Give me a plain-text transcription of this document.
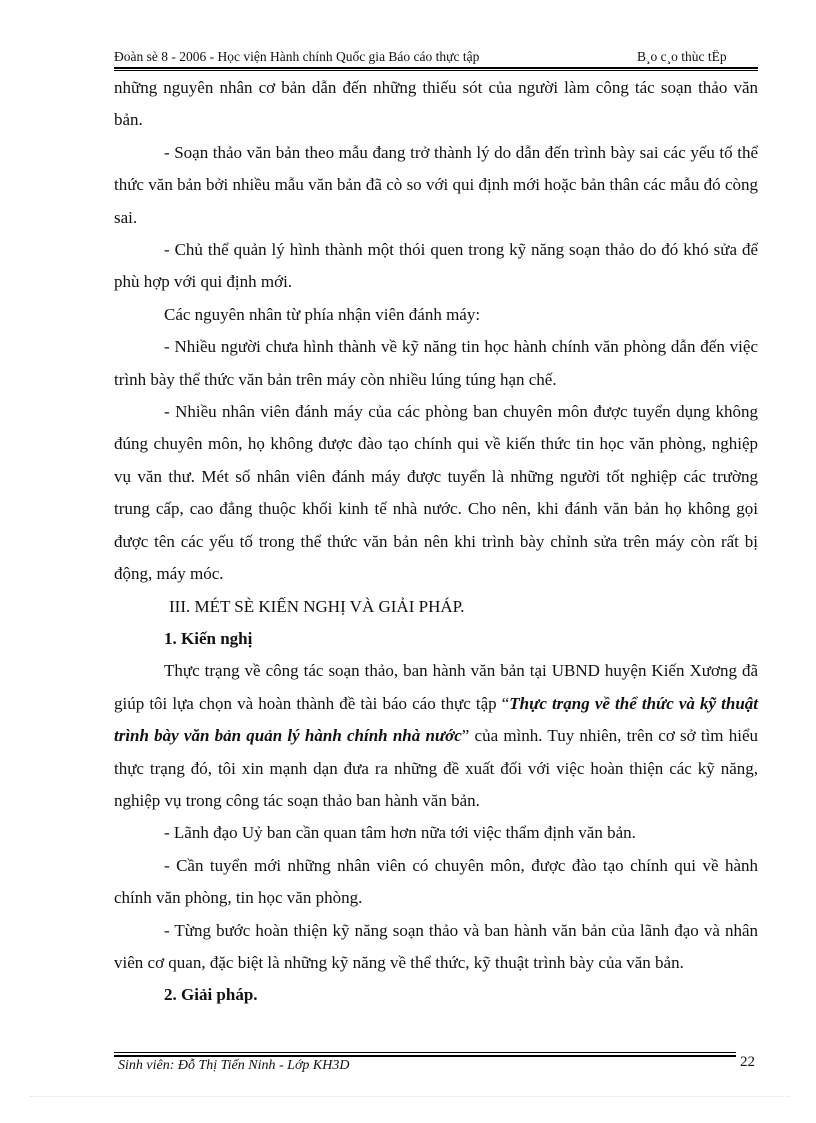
Đoàn sè 8 - 2006 - Học viện Hành chính Quốc gia Báo cáo thực tập	B¸o c¸o thùc tËp

những nguyên nhân cơ bản dẫn đến những thiếu sót của người làm công tác soạn thảo văn bản.

- Soạn thảo văn bản theo mẫu đang trở thành lý do dẫn đến trình bày sai các yếu tố thể thức văn bản bởi nhiều mẫu văn bản đã cò so với qui định mới hoặc bản thân các mẫu đó còng sai.

- Chủ thể quản lý hình thành một thói quen trong kỹ năng soạn thảo do đó khó sửa để phù hợp với qui định mới.

Các nguyên nhân từ phía nhận viên đánh máy:

- Nhiều người chưa hình thành về kỹ năng tin học hành chính văn phòng dẫn đến việc trình bày thể thức văn bản trên máy còn nhiều lúng túng hạn chế.

- Nhiều nhân viên đánh máy của các phòng ban chuyên môn được tuyển dụng không đúng chuyên môn, họ không được đào tạo chính qui về kiến thức tin học văn phòng, nghiệp vụ văn thư. Mét số nhân viên đánh máy được tuyển là những người tốt nghiệp các trường trung cấp, cao đẳng thuộc khối kinh tế nhà nước. Cho nên, khi đánh văn bản họ không gọi được tên các yếu tố trong thể thức văn bản nên khi trình bày chỉnh sửa trên máy còn rất bị động, máy móc.

III. MÉT SÈ KIẾN NGHỊ VÀ GIẢI PHÁP.

1. Kiến nghị

Thực trạng về công tác soạn thảo, ban hành văn bản tại UBND huyện Kiến Xương đã giúp tôi lựa chọn và hoàn thành đề tài báo cáo thực tập “Thực trạng về thể thức và kỹ thuật trình bày văn bản quản lý hành chính nhà nước” của mình. Tuy nhiên, trên cơ sở tìm hiểu thực trạng đó, tôi xin mạnh dạn đưa ra những đề xuất đối với việc hoàn thiện các kỹ năng, nghiệp vụ trong công tác soạn thảo ban hành văn bản.

- Lãnh đạo Uỷ ban cần quan tâm hơn nữa tới việc thẩm định văn bản.

- Cần tuyển mới những nhân viên có chuyên môn, được đào tạo chính qui về hành chính văn phòng, tin học văn phòng.

- Từng bước hoàn thiện kỹ năng soạn thảo và ban hành văn bản của lãnh đạo và nhân viên cơ quan, đặc biệt là những kỹ năng về thể thức, kỹ thuật trình bày của văn bản.

2. Giải pháp.

Sinh viên: Đỗ Thị Tiến Ninh - Lớp KH3D	22
